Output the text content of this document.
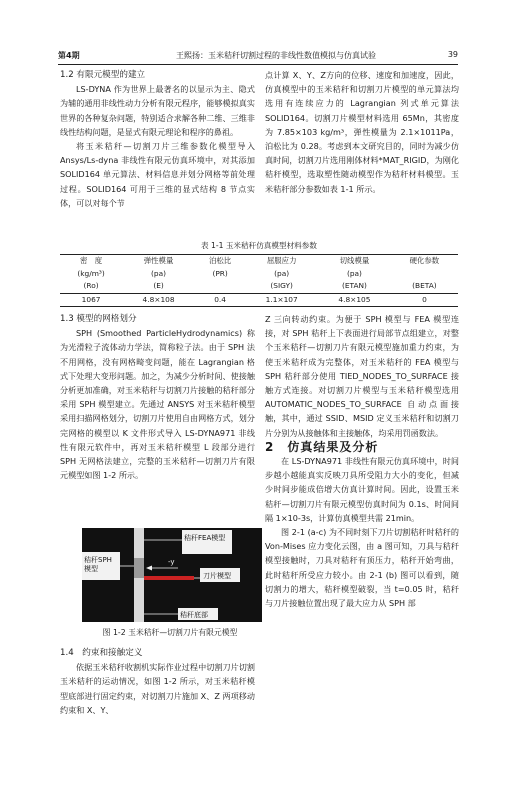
第4期	王熙扬：玉米秸秆切割过程的非线性数值模拟与仿真试验	39

1.2 有限元模型的建立

LS-DYNA 作为世界上最著名的以显示为主、隐式为辅的通用非线性动力分析有限元程序，能够模拟真实世界的各种复杂问题，特别适合求解各种二维、三维非线性结构问题，是显式有限元理论和程序的鼻祖。

将玉米秸秆—切割刀片三维参数化模型导入 Ansys/Ls-dyna 非线性有限元仿真环境中，对其添加 SOLID164 单元算法、材料信息并划分网格等前处理过程。SOLID164 可用于三维的显式结构 8 节点实体，可以对每个节

点计算 X、Y、Z方向的位移、速度和加速度，因此，仿真模型中的玉米秸秆和切割刀片模型的单元算法均选用有连续应力的 Lagrangian 列式单元算法 SOLID164。切割刀片模型材料选用 65Mn，其密度为 7.85×103 kg/m³，弹性模量为 2.1×1011Pa，泊松比为 0.28。考虑到本文研究目的，同时为减少仿真时间，切割刀片选用刚体材料*MAT_RIGID，为刚化秸秆模型，选取塑性随动模型作为秸秆材料模型。玉米秸秆部分参数如表 1-1 所示。

表 1-1 玉米秸秆仿真模型材料参数
密　度	弹性模量	泊松比	屈服应力	切线模量	硬化参数
(kg/m³)	(pa)	(PR)	(pa)	(pa)	
(Ro)	(E)		(SIGY)	(ETAN)	(BETA)
1067	4.8×108	0.4	1.1×107	4.8×105	0

1.3 模型的网格划分

SPH (Smoothed ParticleHydrodynamics) 称为光滑粒子流体动力学法，简称粒子法。由于 SPH 法不用网格，没有网格畸变问题，能在 Lagrangian 格式下处理大变形问题。加之，为减少分析时间、使接触分析更加准确，对玉米秸秆与切割刀片接触的秸秆部分采用 SPH 模型建立。先通过 ANSYS 对玉米秸秆模型采用扫描网格划分，切割刀片使用自由网格方式，划分完网格的模型以 K 文件形式导入 LS-DYNA971 非线性有限元软件中，再对玉米秸秆模型 L 段部分进行 SPH 无网格法建立，完整的玉米秸秆—切割刀片有限元模型如图 1-2 所示。

秸秆FEA模型
秸秆SPH模型
-y
刀片模型
秸秆底部
图 1-2 玉米秸秆—切割刀片有限元模型

1.4　约束和接触定义

依据玉米秸秆收割机实际作业过程中切割刀片切割玉米秸秆的运动情况，如图 1-2 所示，对玉米秸秆模型底部进行固定约束，对切割刀片施加 X、Z 两项移动约束和 X、Y、

Z 三向转动约束。为便于 SPH 模型与 FEA 模型连接，对 SPH 秸秆上下表面进行局部节点组建立，对整个玉米秸秆—切割刀片有限元模型施加重力约束，为使玉米秸秆成为完整体，对玉米秸秆的 FEA 模型与 SPH 秸秆部分使用 TIED_NODES_TO_SURFACE 接触方式连接。对切割刀片模型与玉米秸秆模型选用 AUTOMATIC_NODES_TO_SURFACE 自动点面接触，其中，通过 SSID、MSID 定义玉米秸秆和切割刀片分别为从接触体和主接触体，均采用罚函数法。

2　仿真结果及分析

在 LS-DYNA971 非线性有限元仿真环境中，时间步越小越能真实反映刀具所受阻力大小的变化，但减少时间步能成倍增大仿真计算时间。因此，设置玉米秸秆—切割刀片有限元模型仿真时间为 0.1s、时间间隔 1×10-3s，计算仿真模型共需 21min。

图 2-1 (a-c) 为不同时刻下刀片切割秸秆时秸秆的 Von-Mises 应力变化云图，由 a 图可知，刀具与秸秆模型接触时，刀具对秸秆有顶压力，秸秆开始弯曲，此时秸秆所受应力较小。由 2-1 (b) 图可以看到，随切割力的增大，秸秆模型破裂，当 t=0.05 时，秸秆与刀片接触位置出现了最大应力从 SPH 部
